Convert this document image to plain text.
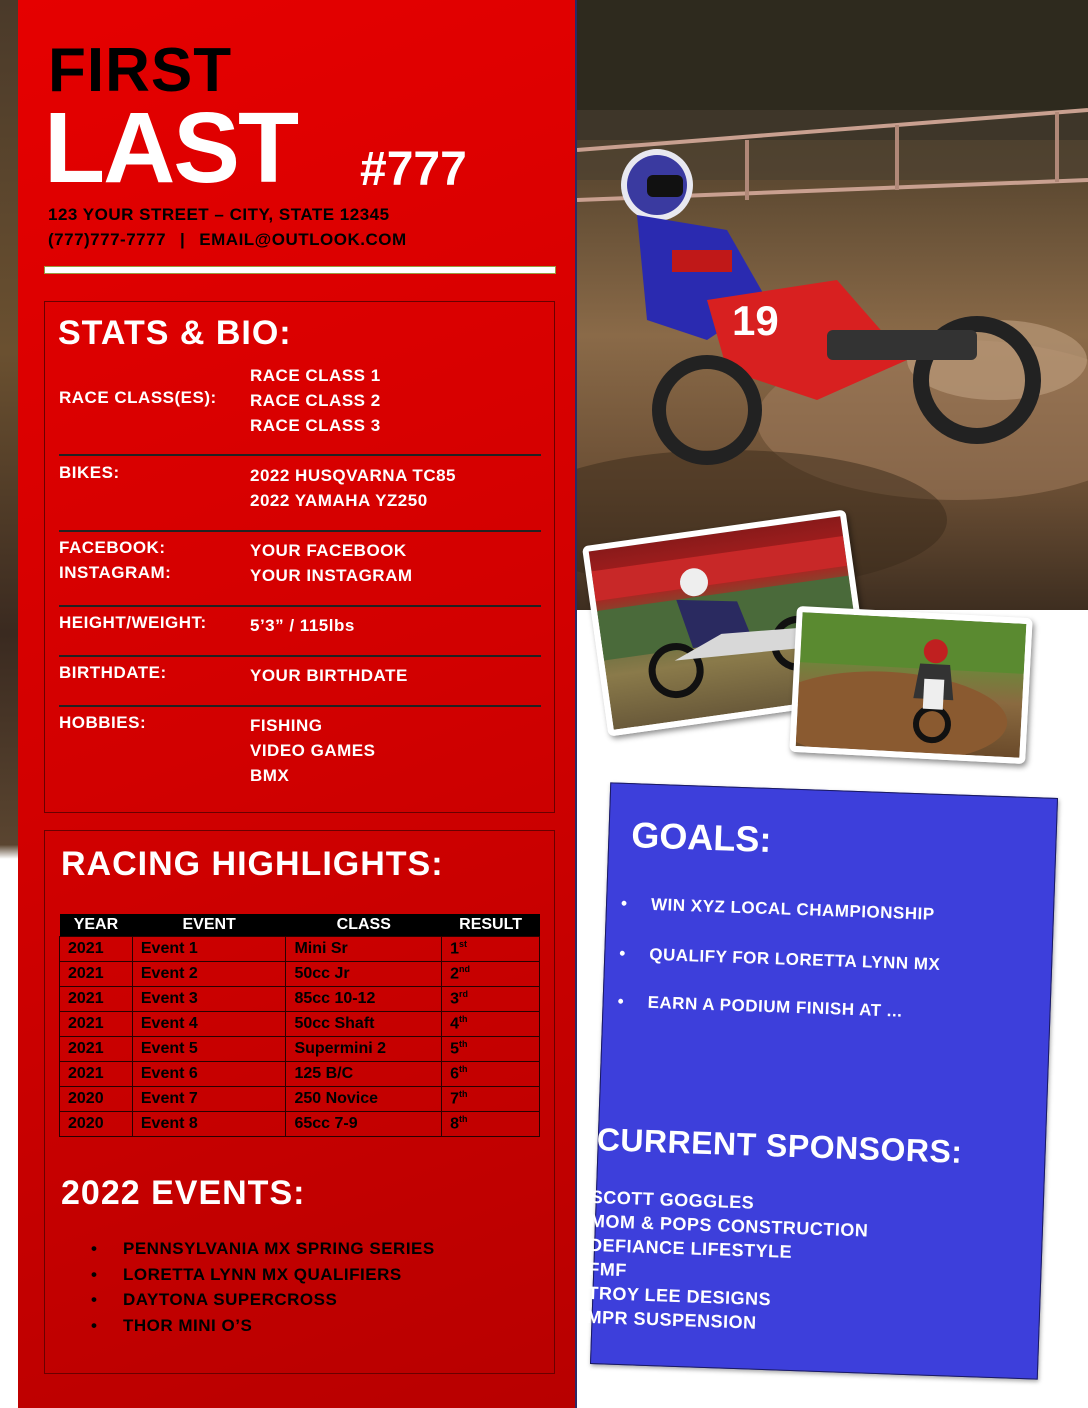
19
FIRST
LAST #777
123 YOUR STREET – CITY, STATE 12345
(777)777-7777 | EMAIL@OUTLOOK.COM
STATS & BIO:
RACE CLASS(ES):
RACE CLASS 1
RACE CLASS 2
RACE CLASS 3
BIKES:	2022 HUSQVARNA TC85
2022 YAMAHA YZ250
FACEBOOK:	YOUR FACEBOOK
INSTAGRAM:	YOUR INSTAGRAM
HEIGHT/WEIGHT:	5’3” / 115lbs
BIRTHDATE:	YOUR BIRTHDATE
HOBBIES:	FISHING
VIDEO GAMES
BMX
RACING HIGHLIGHTS:
YEAR	EVENT	CLASS	RESULT
2021	Event 1	Mini Sr	1st
2021	Event 2	50cc Jr	2nd
2021	Event 3	85cc 10-12	3rd
2021	Event 4	50cc Shaft	4th
2021	Event 5	Supermini 2	5th
2021	Event 6	125 B/C	6th
2020	Event 7	250 Novice	7th
2020	Event 8	65cc 7-9	8th
2022 EVENTS:
• PENNSYLVANIA MX SPRING SERIES
• LORETTA LYNN MX QUALIFIERS
• DAYTONA SUPERCROSS
• THOR MINI O’S
GOALS:
• WIN XYZ LOCAL CHAMPIONSHIP
• QUALIFY FOR LORETTA LYNN MX
• EARN A PODIUM FINISH AT ...
CURRENT SPONSORS:
SCOTT GOGGLES
MOM & POPS CONSTRUCTION
DEFIANCE LIFESTYLE
FMF
TROY LEE DESIGNS
MPR SUSPENSION
